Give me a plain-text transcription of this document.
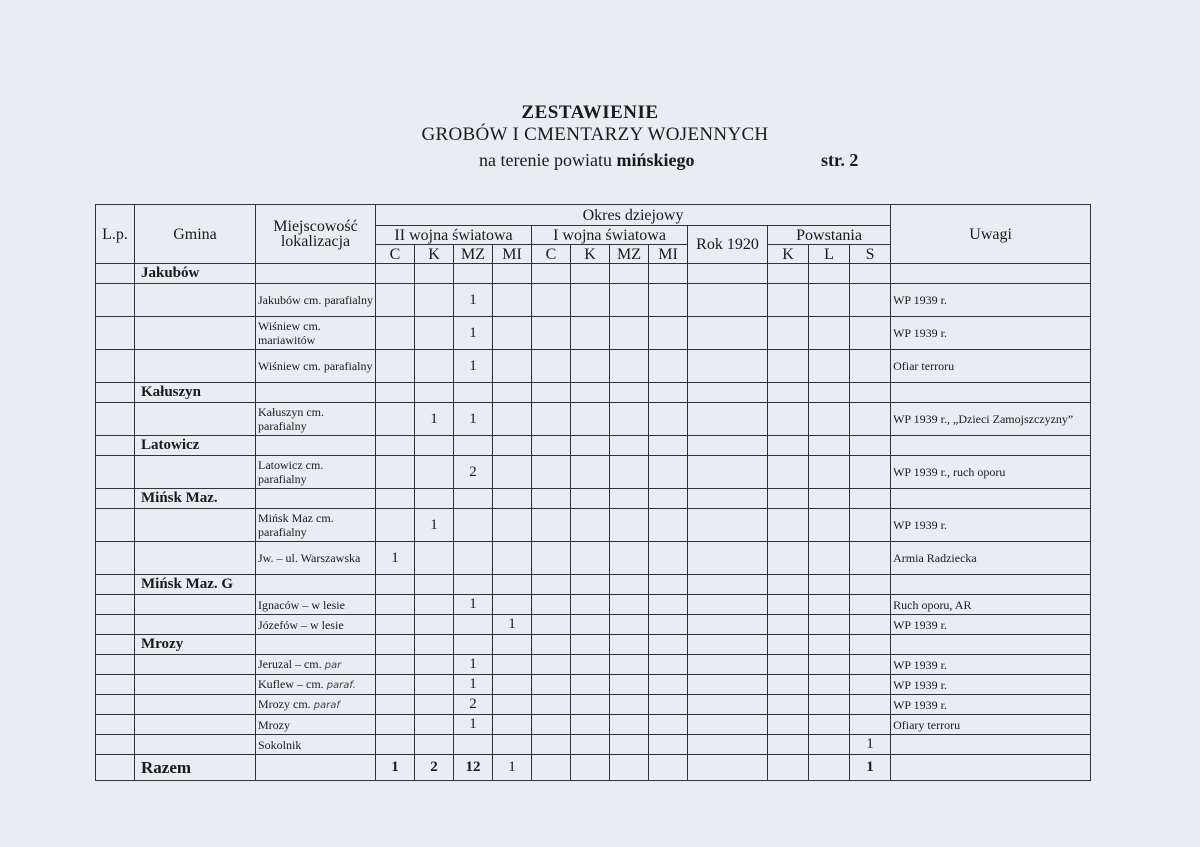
ZESTAWIENIE
GROBÓW I CMENTARZY WOJENNYCH
na terenie powiatu mińskiego	str. 2
L.p.	Gmina	Miejscowość lokalizacja	Okres dziejowy												Uwagi
			II wojna światowa				I wojna światowa				Rok 1920	Powstania			
			C	K	MZ	MI	C	K	MZ	MI		K	L	S	
	Jakubów														
		Jakubów cm. parafialny			1										WP 1939 r.
		Wiśniew cm. mariawitów			1										WP 1939 r.
		Wiśniew cm. parafialny			1										Ofiar terroru
	Kałuszyn														
		Kałuszyn cm. parafialny		1	1										WP 1939 r., „Dzieci Zamojszczyzny”
	Latowicz														
		Latowicz cm. parafialny			2										WP 1939 r., ruch oporu
	Mińsk Maz.														
		Mińsk Maz cm. parafialny		1											WP 1939 r.
		Jw. – ul. Warszawska	1												Armia Radziecka
	Mińsk Maz. G														
		Ignaców – w lesie			1										Ruch oporu, AR
		Józefów – w lesie				1									WP 1939 r.
	Mrozy														
		Jeruzal – cm. par			1										WP 1939 r.
		Kuflew – cm. paraf.			1										WP 1939 r.
		Mrozy cm. paraf			2										WP 1939 r.
		Mrozy			1										Ofiary terroru
		Sokolnik												1	
	Razem		1	2	12	1								1	
